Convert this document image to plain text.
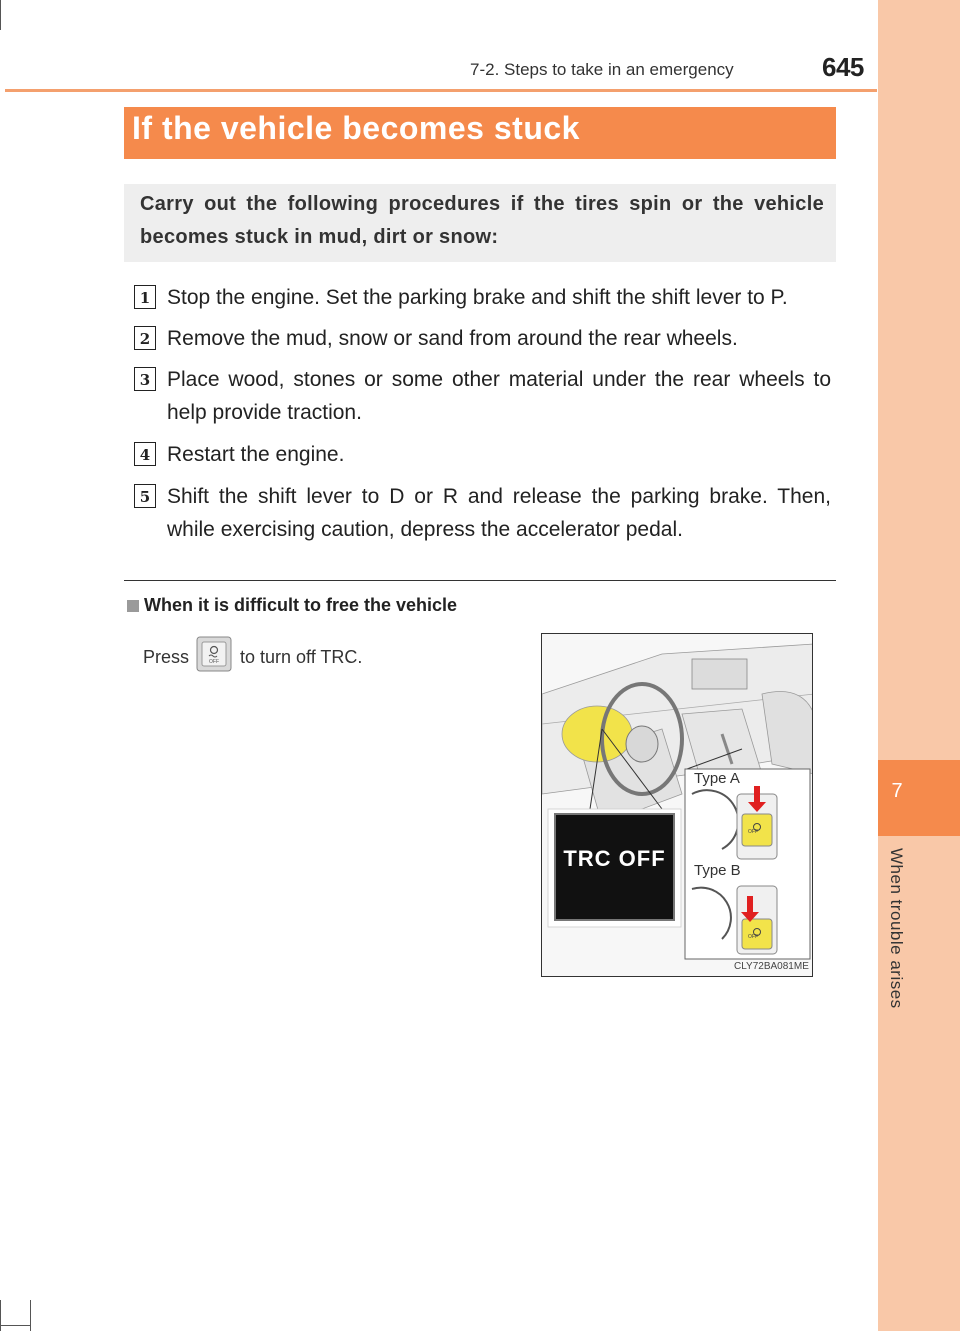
7
When trouble arises
7-2. Steps to take in an emergency	645
If the vehicle becomes stuck
Carry out the following procedures if the tires spin or the vehicle becomes stuck in mud, dirt or snow:
1 Stop the engine. Set the parking brake and shift the shift lever to P.
2 Remove the mud, snow or sand from around the rear wheels.
3 Place wood, stones or some other material under the rear wheels to help provide traction.
4 Restart the engine.
5 Shift the shift lever to D or R and release the parking brake. Then, while exercising caution, depress the accelerator pedal.
When it is difficult to free the vehicle
Press	OFF to turn off TRC.
TRC OFF
Type A
Type B
OFF
OFF
CLY72BA081ME
